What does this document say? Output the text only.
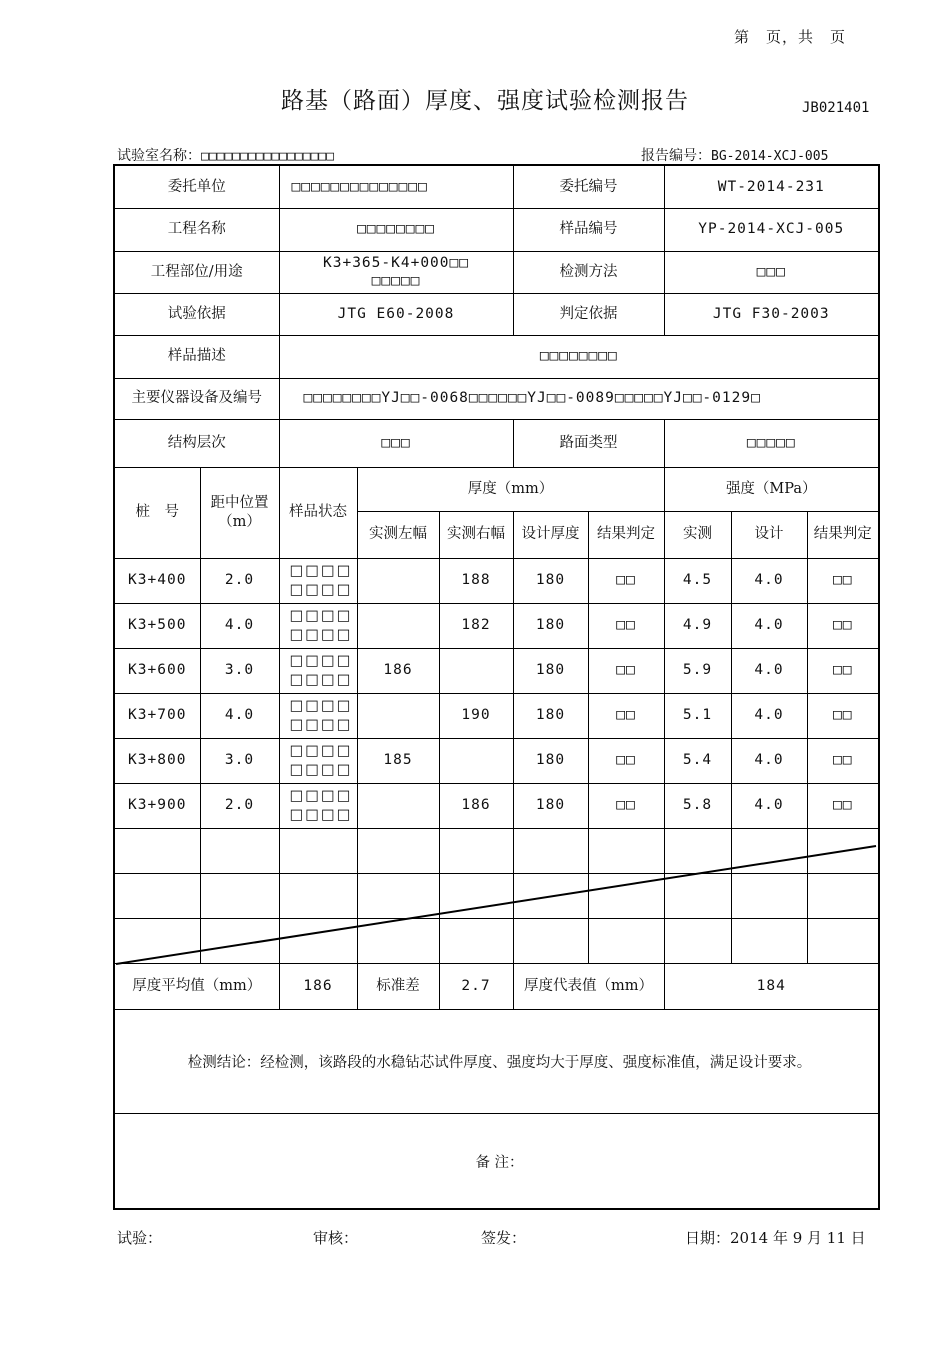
第　页，共　页
路基（路面）厚度、强度试验检测报告	JB021401
试验室名称：□□□□□□□□□□□□□□□□□	报告编号：BG-2014-XCJ-005
委托单位		□□□□□□□□□□□□□□			委托编号		WT-2014-231		
工程名称		□□□□□□□□			样品编号		YP-2014-XCJ-005		
工程部位/用途		K3+365-K4+000□□
□□□□□			检测方法		□□□		
试验依据		JTG E60-2008			判定依据		JTG F30-2003		
样品描述		□□□□□□□□							
主要仪器设备及编号		□□□□□□□□YJ□□-0068□□□□□□YJ□□-0089□□□□□YJ□□-0129□							
结构层次		□□□			路面类型		□□□□□		
桩　号	距中位置
（m）	样品状态	厚度（mm）				强度（MPa）		
			实测左幅	实测右幅	设计厚度	结果判定	实测	设计	结果判定
K3+400	2.0	□□□□
□□□□		188	180	□□	4.5	4.0	□□
K3+500	4.0	□□□□
□□□□		182	180	□□	4.9	4.0	□□
K3+600	3.0	□□□□
□□□□	186		180	□□	5.9	4.0	□□
K3+700	4.0	□□□□
□□□□		190	180	□□	5.1	4.0	□□
K3+800	3.0	□□□□
□□□□	185		180	□□	5.4	4.0	□□
K3+900	2.0	□□□□
□□□□		186	180	□□	5.8	4.0	□□

厚度平均值（mm）		186	标准差	2.7	厚度代表值（mm）		184		
检测结论：经检测，该路段的水稳钻芯试件厚度、强度均大于厚度、强度标准值，满足设计要求。									
备 注：									
试验：	审核：	签发：	日期：2014 年 9 月 11 日
